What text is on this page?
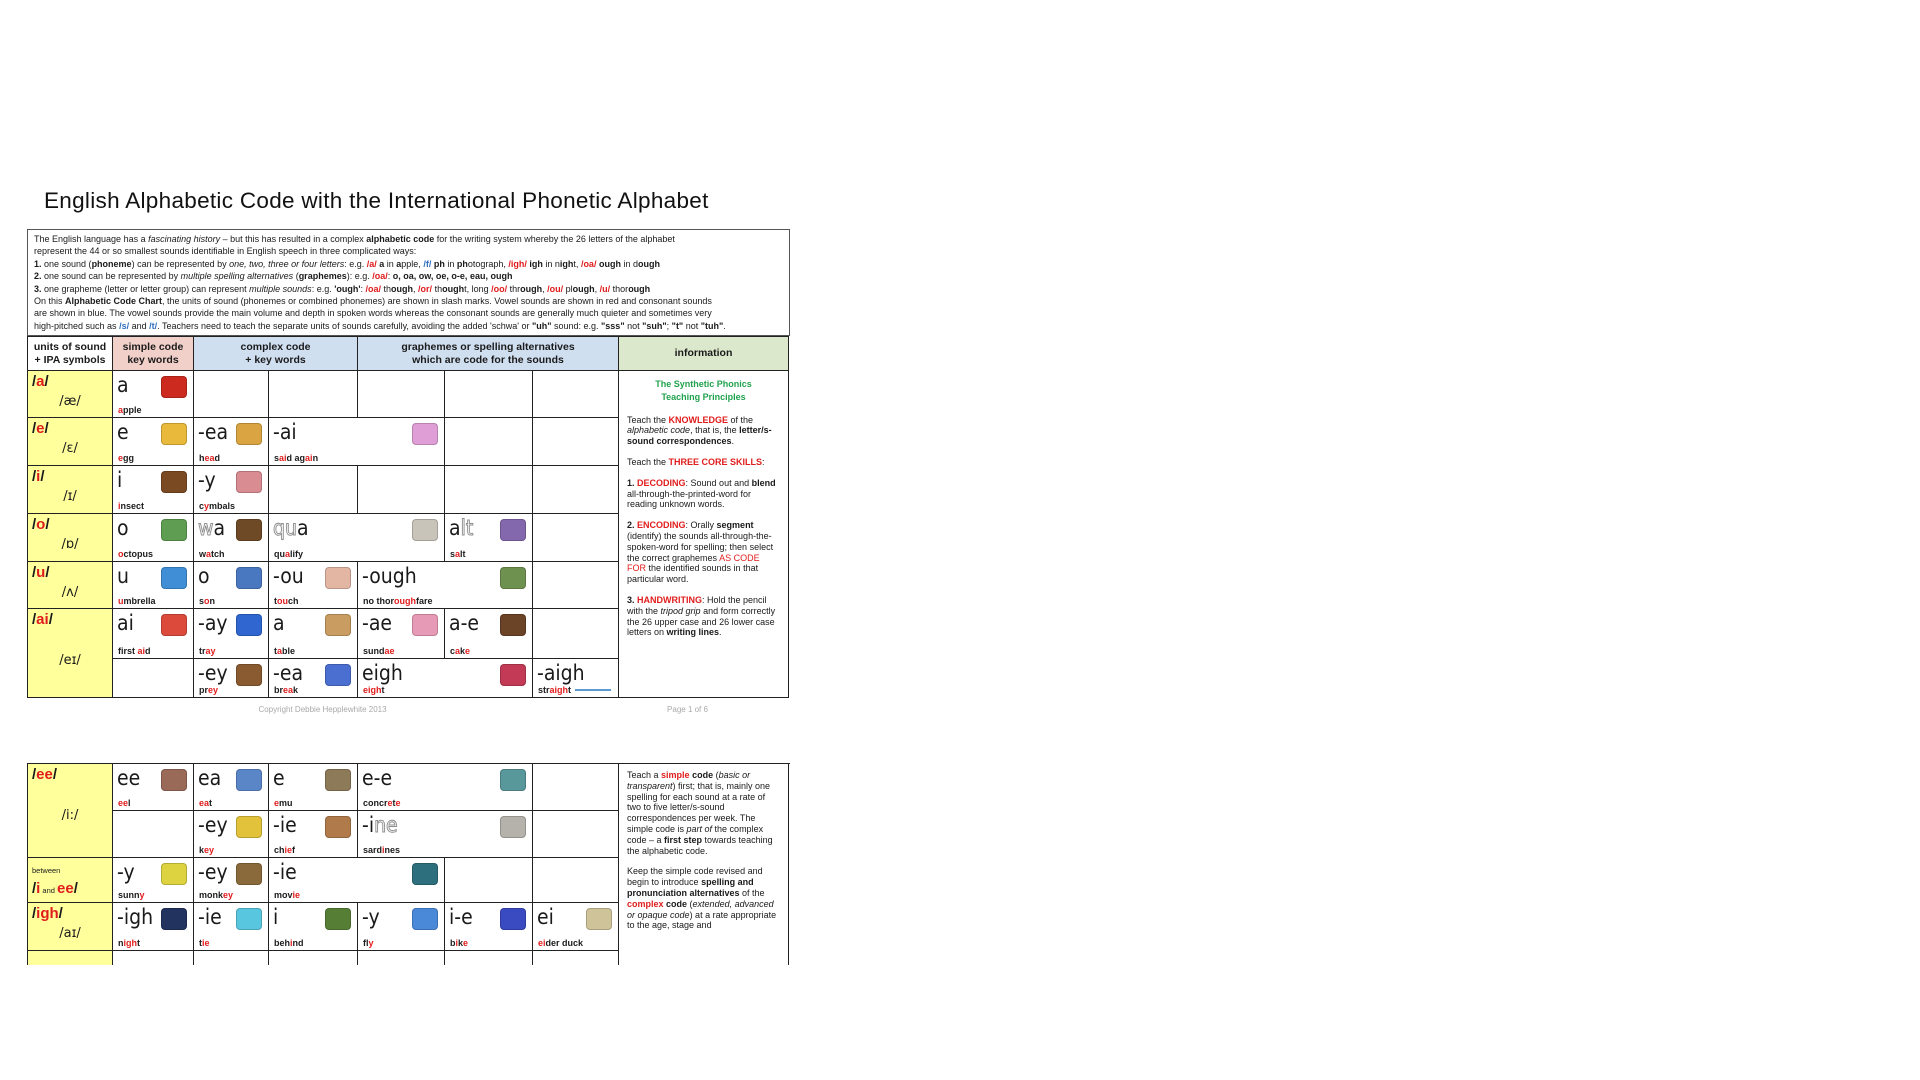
English Alphabetic Code with the International Phonetic Alphabet
The English language has a fascinating history – but this has resulted in a complex alphabetic code for the writing system whereby the 26 letters of the alphabet
represent the 44 or so smallest sounds identifiable in English speech in three complicated ways:
1. one sound (phoneme) can be represented by one, two, three or four letters: e.g. /a/ a in apple, /f/ ph in photograph, /igh/ igh in night, /oa/ ough in dough
2. one sound can be represented by multiple spelling alternatives (graphemes): e.g. /oa/: o, oa, ow, oe, o-e, eau, ough
3. one grapheme (letter or letter group) can represent multiple sounds: e.g. 'ough': /oa/ though, /or/ thought, long /oo/ through, /ou/ plough, /u/ thorough
On this Alphabetic Code Chart, the units of sound (phonemes or combined phonemes) are shown in slash marks. Vowel sounds are shown in red and consonant sounds
are shown in blue. The vowel sounds provide the main volume and depth in spoken words whereas the consonant sounds are generally much quieter and sometimes very
high-pitched such as /s/ and /t/. Teachers need to teach the separate units of sounds carefully, avoiding the added 'schwa' or "uh" sound: e.g. "sss" not "suh"; "t" not "tuh".
units of sound
+ IPA symbols
simple code
key words
complex code
+ key words
graphemes or spelling alternatives
which are code for the sounds
information
/a/
/æ/
a
apple
/e/
/ɛ/
e
egg
-ea
head
-ai
said again
/i/
/ɪ/
i
insect
-y
cymbals
/o/
/ɒ/
o
octopus
wa
watch
qua
qualify
alt
salt
/u/
/ʌ/
u
umbrella
o
son
-ou
touch
-ough
no thoroughfare
/ai/
/eɪ/
ai
first aid
-ay
tray
a
table
-ae
sundae
a-e
cake
-ey
prey
-ea
break
eigh
eight
-aigh
straight

The Synthetic Phonics

Teaching Principles

Teach the KNOWLEDGE of the alphabetic code, that is, the letter/s-sound correspondences.

Teach the THREE CORE SKILLS:

1. DECODING: Sound out and blend all-through-the-printed-word for reading unknown words.

2. ENCODING: Orally segment (identify) the sounds all-through-the-spoken-word for spelling; then select the correct graphemes AS CODE FOR the identified sounds in that particular word.

3. HANDWRITING: Hold the pencil with the tripod grip and form correctly the 26 upper case and 26 lower case letters on writing lines.

Copyright Debbie Hepplewhite 2013	Page 1 of 6
/ee/
/i:/
ee
eel
ea
eat
e
emu
e-e
concrete
-ey
key
-ie
chief
-ine
sardines
between
/i and ee/
-y
sunny
-ey
monkey
-ie
movie
/igh/
/aɪ/
-igh
night
-ie
tie
i
behind
-y
fly
i-e
bike
ei
eider duck

Teach a simple code (basic or transparent) first; that is, mainly one spelling for each sound at a rate of two to five letter/s-sound correspondences per week. The simple code is part of the complex code – a first step towards teaching the alphabetic code.

Keep the simple code revised and begin to introduce spelling and pronunciation alternatives of the complex code (extended, advanced or opaque code) at a rate appropriate to the age, stage and
